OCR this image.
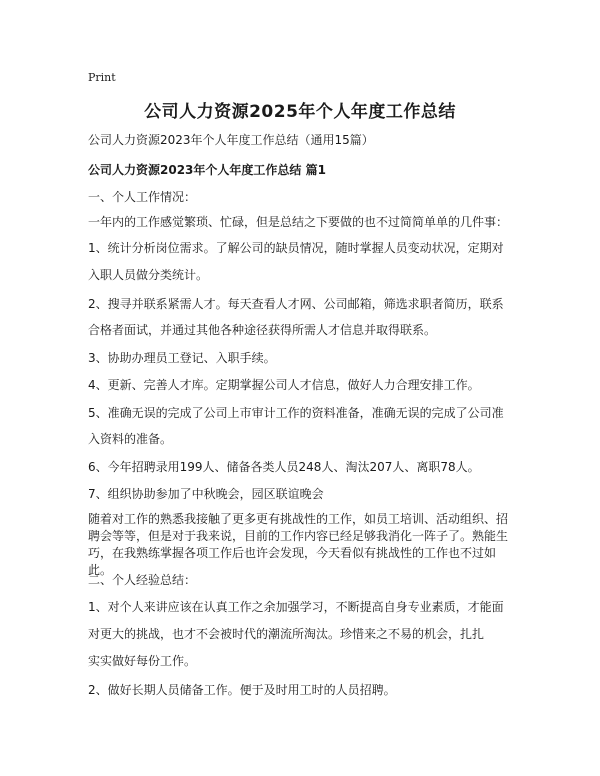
Print
公司人力资源2025年个人年度工作总结
公司人力资源2023年个人年度工作总结（通用15篇）
公司人力资源2023年个人年度工作总结 篇1
一、个人工作情况：
一年内的工作感觉繁琐、忙碌，但是总结之下要做的也不过简简单单的几件事：
1、统计分析岗位需求。了解公司的缺员情况，随时掌握人员变动状况，定期对
入职人员做分类统计。
2、搜寻并联系紧需人才。每天查看人才网、公司邮箱，筛选求职者简历，联系
合格者面试，并通过其他各种途径获得所需人才信息并取得联系。
3、协助办理员工登记、入职手续。
4、更新、完善人才库。定期掌握公司人才信息，做好人力合理安排工作。
5、准确无误的完成了公司上市审计工作的资料准备，准确无误的完成了公司准
入资料的准备。
6、今年招聘录用199人、储备各类人员248人、淘汰207人、离职78人。
7、组织协助参加了中秋晚会，园区联谊晚会
随着对工作的熟悉我接触了更多更有挑战性的工作，如员工培训、活动组织、招聘会等等，但是对于我来说，目前的工作内容已经足够我消化一阵子了。熟能生巧，在我熟练掌握各项工作后也许会发现，今天看似有挑战性的工作也不过如此。
二、个人经验总结：
1、对个人来讲应该在认真工作之余加强学习，不断提高自身专业素质，才能面
对更大的挑战，也才不会被时代的潮流所淘汰。珍惜来之不易的机会，扎扎
实实做好每份工作。
2、做好长期人员储备工作。便于及时用工时的人员招聘。
